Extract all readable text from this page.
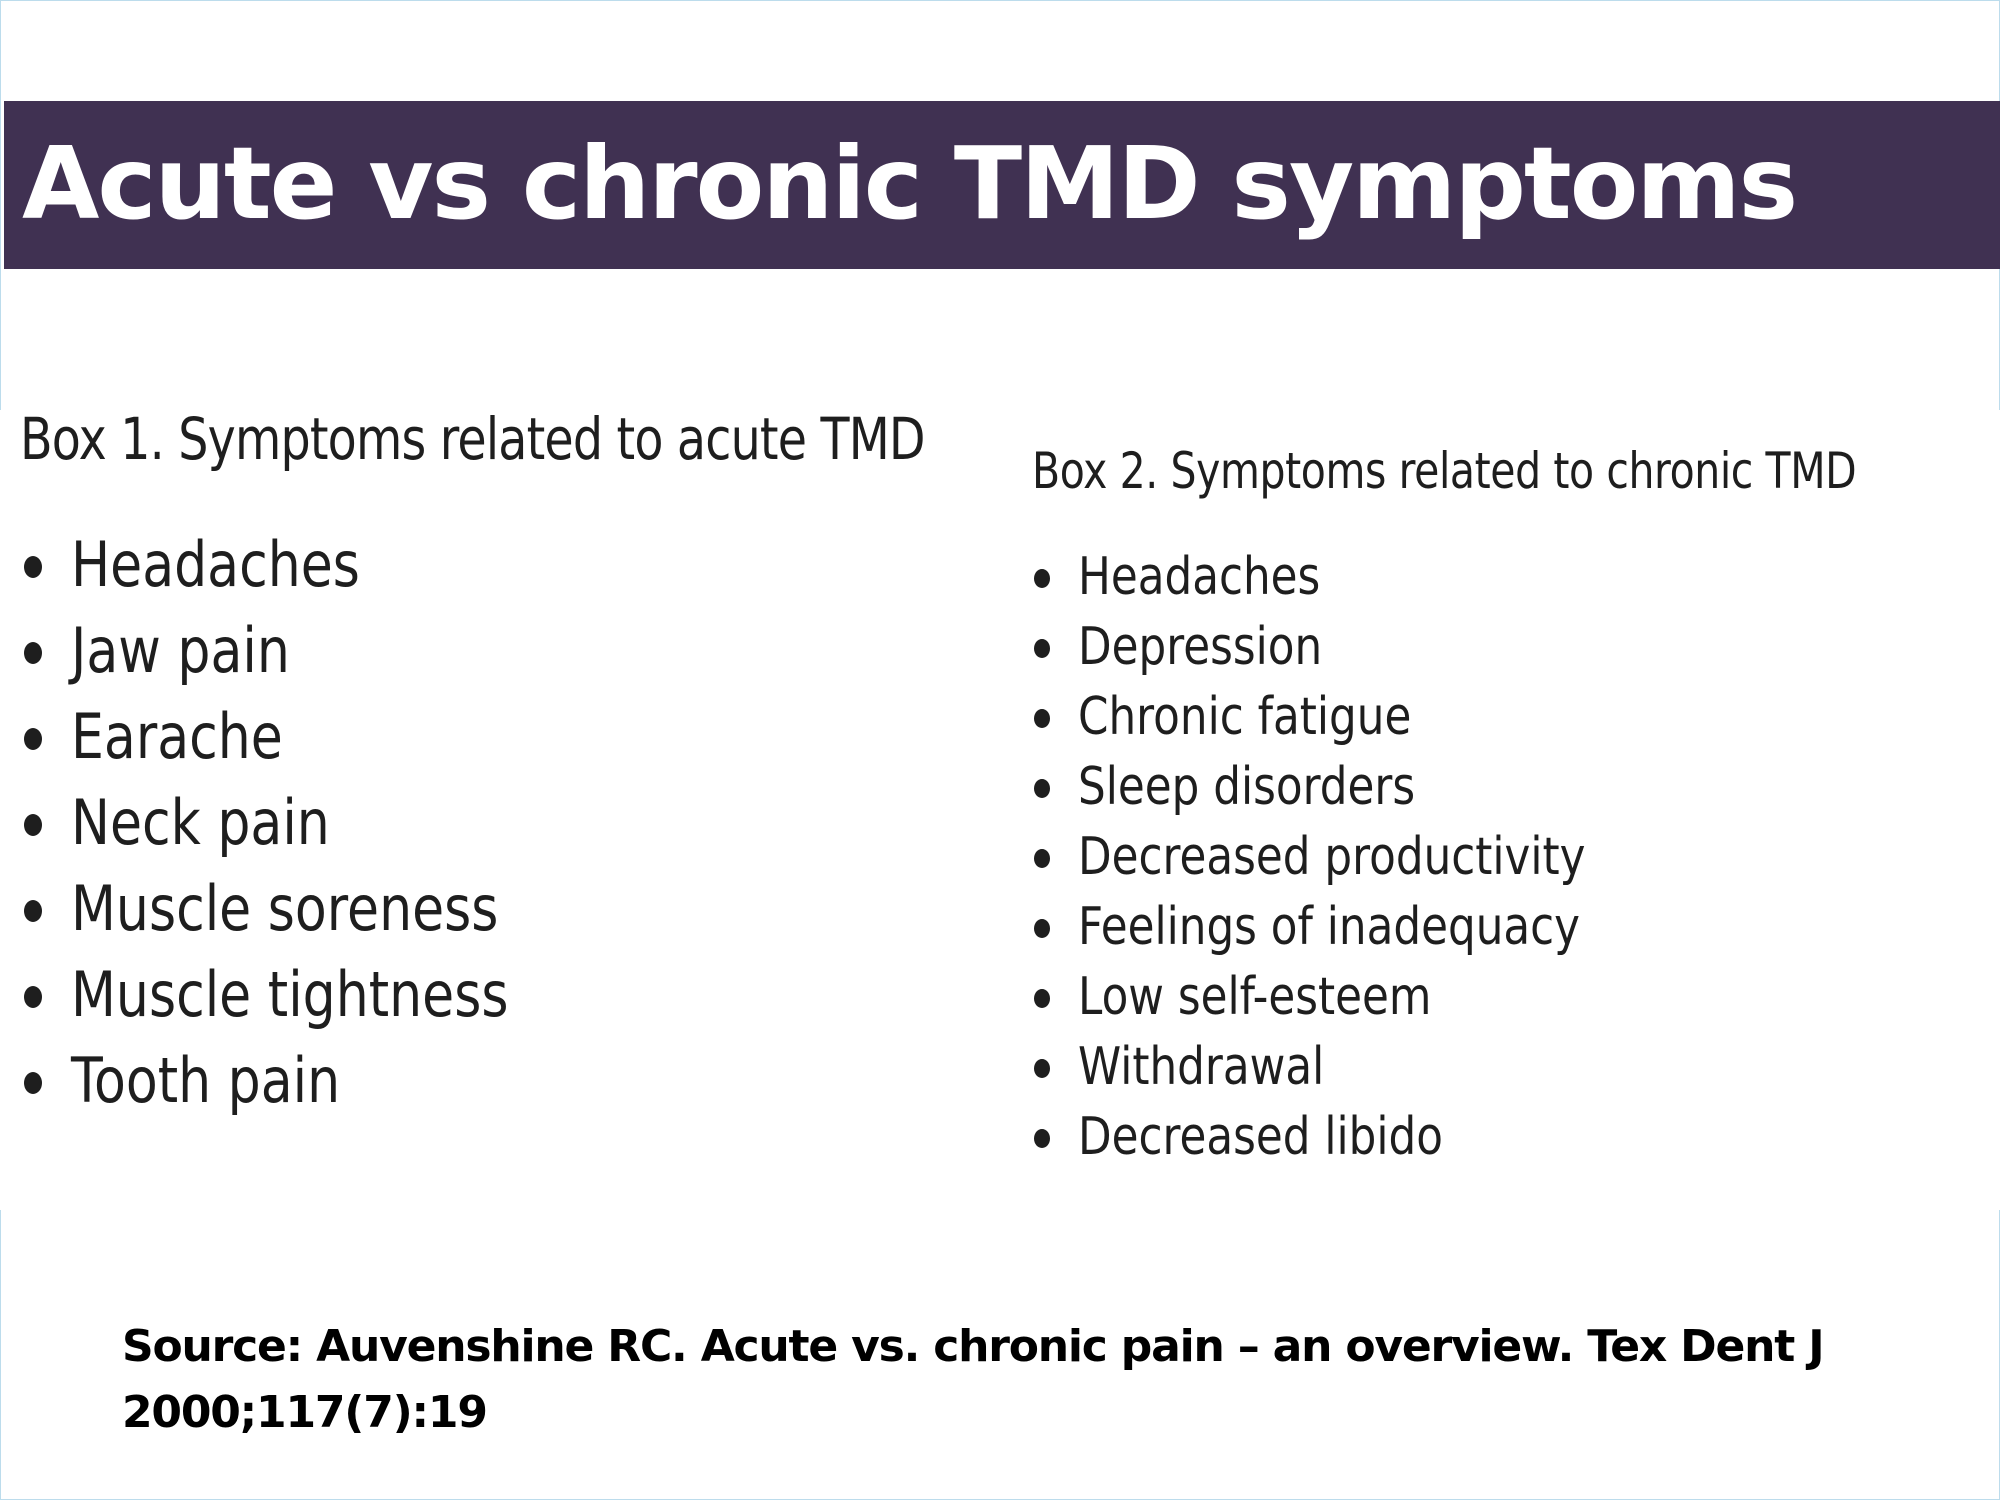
Acute vs chronic TMD symptoms
Box 1. Symptoms related to acute TMD
Headaches
Jaw pain
Earache
Neck pain
Muscle soreness
Muscle tightness
Tooth pain
Box 2. Symptoms related to chronic TMD
Headaches
Depression
Chronic fatigue
Sleep disorders
Decreased productivity
Feelings of inadequacy
Low self-esteem
Withdrawal
Decreased libido

Source: Auvenshine RC. Acute vs. chronic pain – an overview. Tex Dent J
2000;117(7):19
